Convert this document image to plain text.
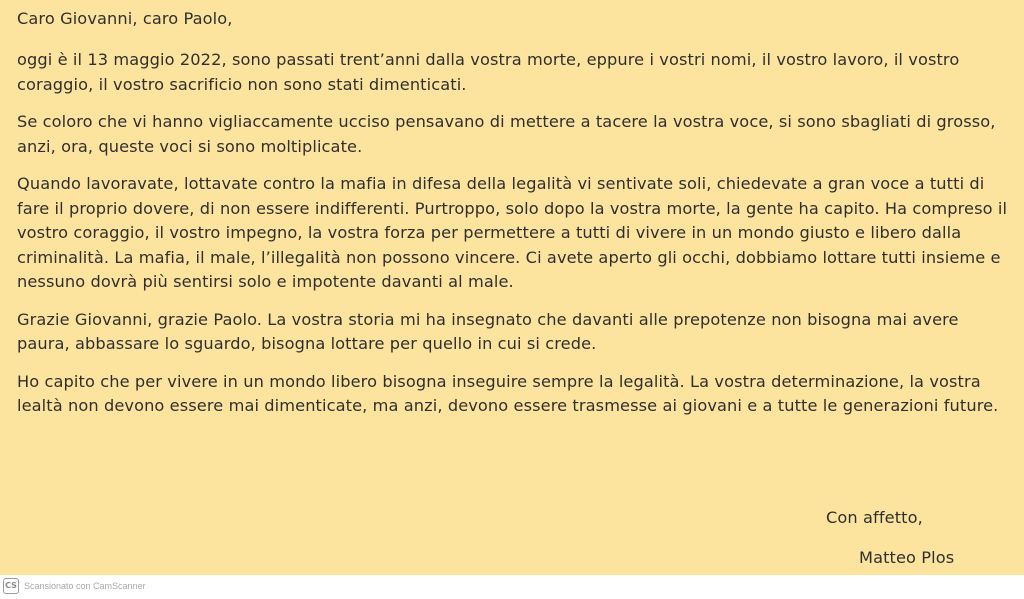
Caro Giovanni, caro Paolo,

oggi è il 13 maggio 2022, sono passati trent’anni dalla vostra morte, eppure i vostri nomi, il vostro lavoro, il vostro coraggio, il vostro sacrificio non sono stati dimenticati.

Se coloro che vi hanno vigliaccamente ucciso pensavano di mettere a tacere la vostra voce, si sono sbagliati di grosso, anzi, ora, queste voci si sono moltiplicate.

Quando lavoravate, lottavate contro la mafia in difesa della legalità vi sentivate soli, chiedevate a gran voce a tutti di fare il proprio dovere, di non essere indifferenti. Purtroppo, solo dopo la vostra morte, la gente ha capito. Ha compreso il vostro coraggio, il vostro impegno, la vostra forza per permettere a tutti di vivere in un mondo giusto e libero dalla criminalità. La mafia, il male, l’illegalità non possono vincere. Ci avete aperto gli occhi, dobbiamo lottare tutti insieme e nessuno dovrà più sentirsi solo e impotente davanti al male.

Grazie Giovanni, grazie Paolo. La vostra storia mi ha insegnato che davanti alle prepotenze non bisogna mai avere paura, abbassare lo sguardo, bisogna lottare per quello in cui si crede.

Ho capito che per vivere in un mondo libero bisogna inseguire sempre la legalità. La vostra determinazione, la vostra lealtà non devono essere mai dimenticate, ma anzi, devono essere trasmesse ai giovani e a tutte le generazioni future.

Con affetto,
Matteo Plos
CS Scansionato con CamScanner
